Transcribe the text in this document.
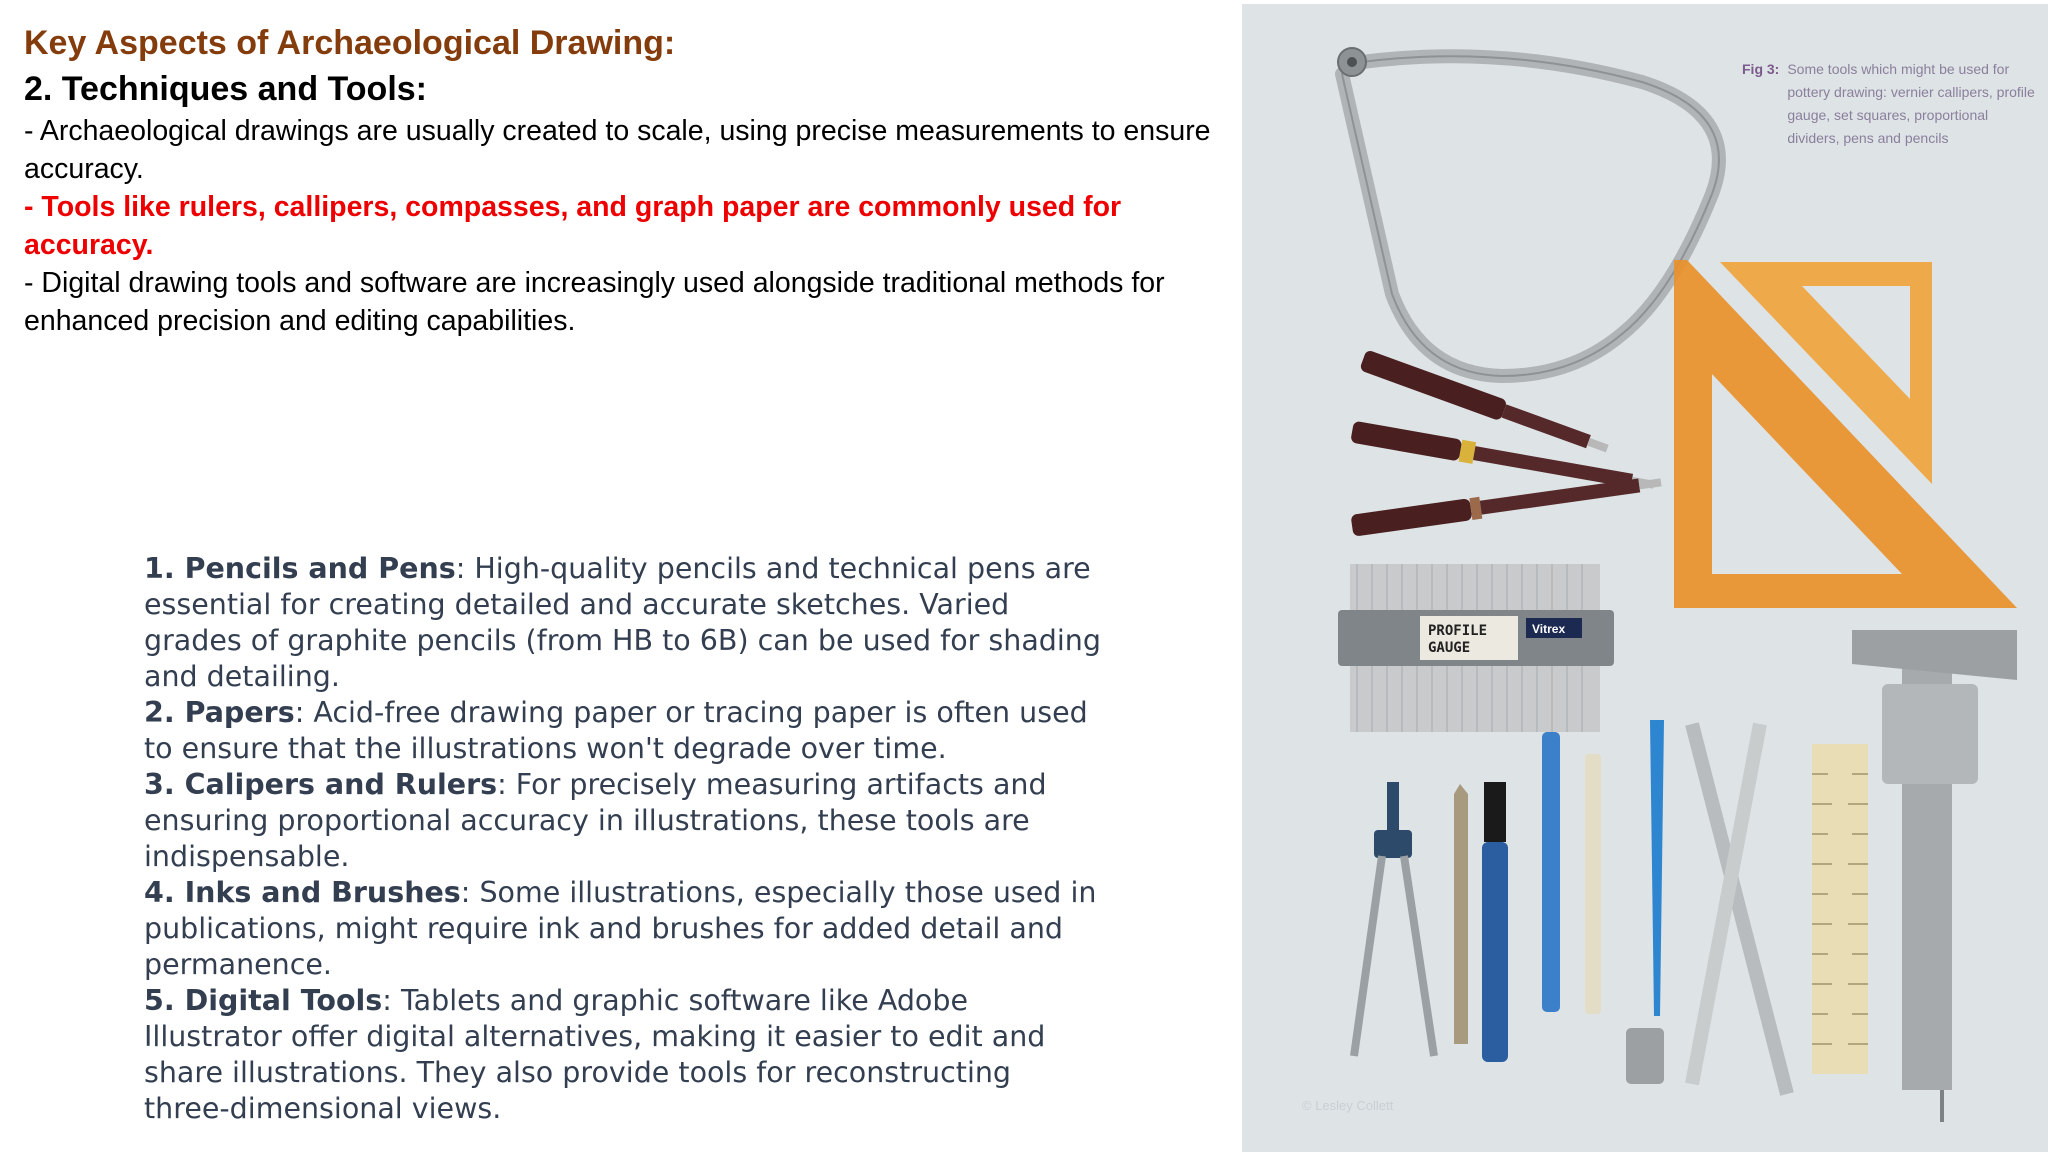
Key Aspects of Archaeological Drawing:
2. Techniques and Tools:
- Archaeological drawings are usually created to scale, using precise measurements to ensure accuracy.
- Tools like rulers, callipers, compasses, and graph paper are commonly used for accuracy.
- Digital drawing tools and software are increasingly used alongside traditional methods for enhanced precision and editing capabilities.
1. Pencils and Pens: High-quality pencils and technical pens are essential for creating detailed and accurate sketches. Varied grades of graphite pencils (from HB to 6B) can be used for shading and detailing.
2. Papers: Acid-free drawing paper or tracing paper is often used to ensure that the illustrations won't degrade over time.
3. Calipers and Rulers: For precisely measuring artifacts and ensuring proportional accuracy in illustrations, these tools are indispensable.
4. Inks and Brushes: Some illustrations, especially those used in publications, might require ink and brushes for added detail and permanence.
5. Digital Tools: Tablets and graphic software like Adobe Illustrator offer digital alternatives, making it easier to edit and share illustrations. They also provide tools for reconstructing three-dimensional views.
PROFILE
GAUGE
Vitrex
Fig 3: Some tools which might be used for pottery drawing: vernier callipers, profile gauge, set squares, proportional dividers, pens and pencils
© Lesley Collett
